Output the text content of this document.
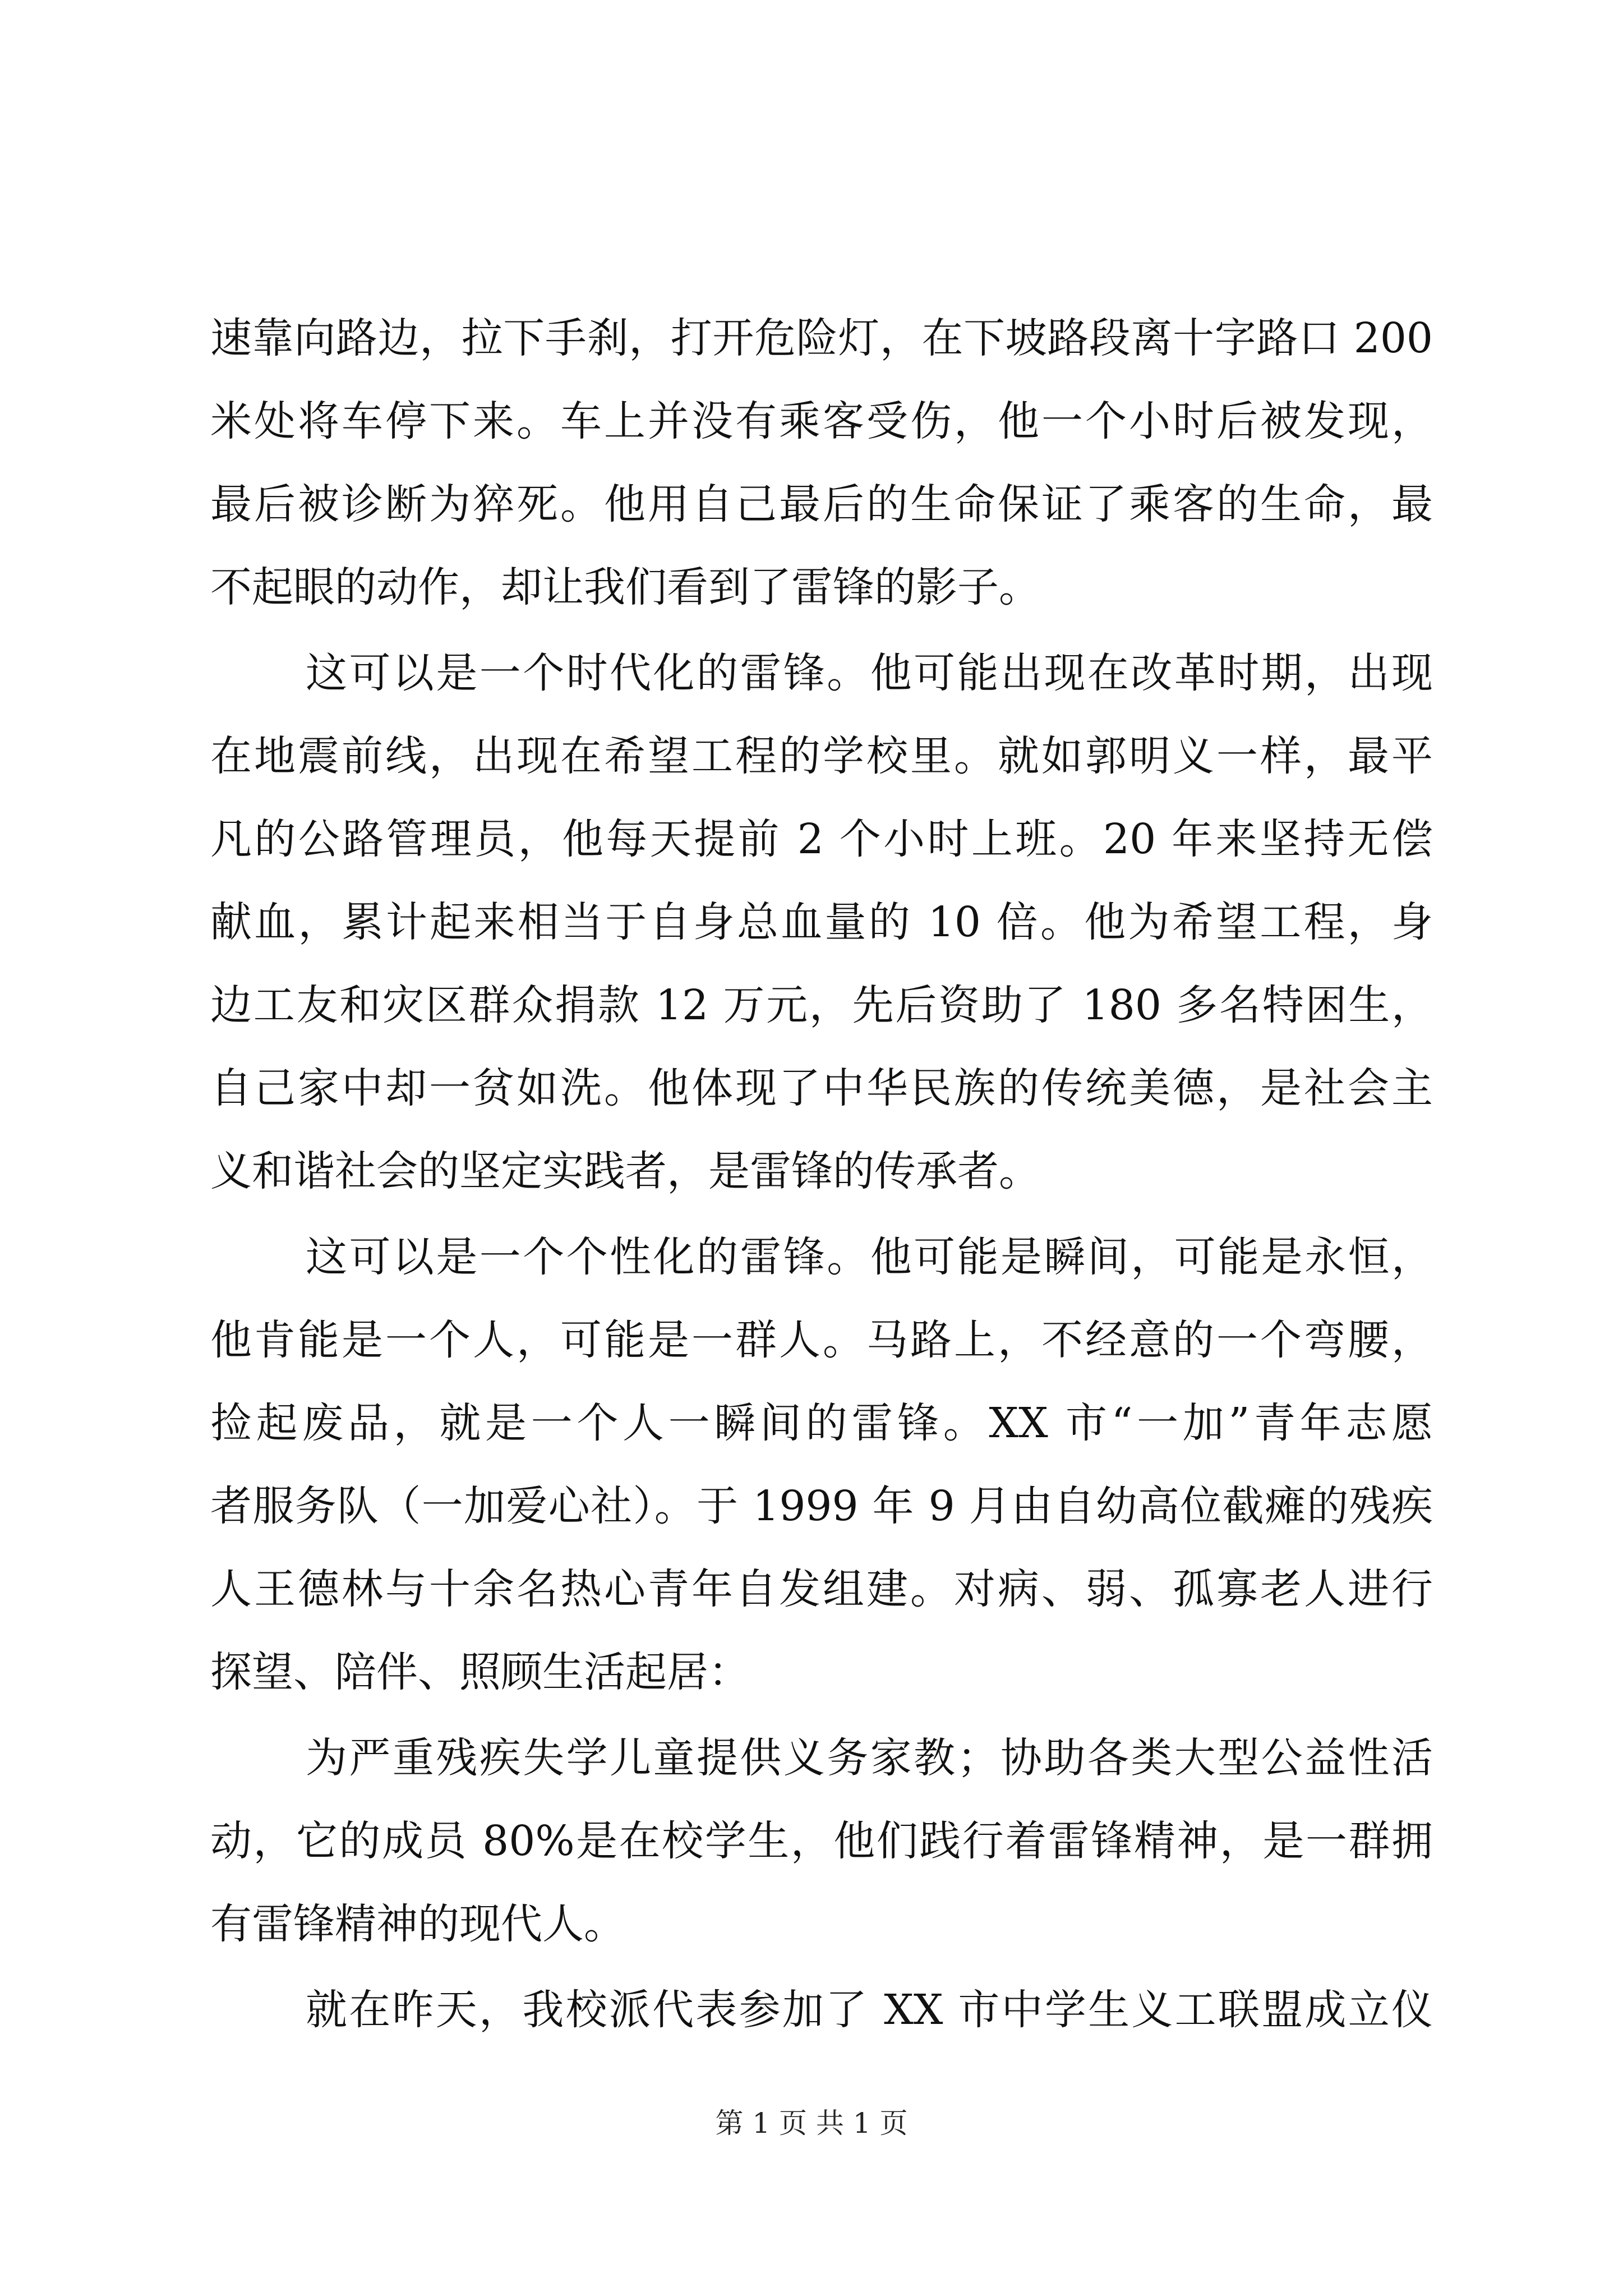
速靠向路边，拉下手刹，打开危险灯，在下坡路段离十字路口 200

米处将车停下来。车上并没有乘客受伤，他一个小时后被发现，

最后被诊断为猝死。他用自己最后的生命保证了乘客的生命，最

不起眼的动作，却让我们看到了雷锋的影子。

这可以是一个时代化的雷锋。他可能出现在改革时期，出现

在地震前线，出现在希望工程的学校里。就如郭明义一样，最平

凡的公路管理员，他每天提前 2 个小时上班。20 年来坚持无偿

献血，累计起来相当于自身总血量的 10 倍。他为希望工程，身

边工友和灾区群众捐款 12 万元，先后资助了 180 多名特困生，

自己家中却一贫如洗。他体现了中华民族的传统美德，是社会主

义和谐社会的坚定实践者，是雷锋的传承者。

这可以是一个个性化的雷锋。他可能是瞬间，可能是永恒，

他肯能是一个人，可能是一群人。马路上，不经意的一个弯腰，

捡起废品，就是一个人一瞬间的雷锋。XX 市“一加”青年志愿

者服务队（一加爱心社）。于 1999 年 9 月由自幼高位截瘫的残疾

人王德林与十余名热心青年自发组建。对病、弱、孤寡老人进行

探望、陪伴、照顾生活起居：

为严重残疾失学儿童提供义务家教；协助各类大型公益性活

动，它的成员 80%是在校学生，他们践行着雷锋精神，是一群拥

有雷锋精神的现代人。

就在昨天，我校派代表参加了 XX 市中学生义工联盟成立仪

第 1 页 共 1 页
